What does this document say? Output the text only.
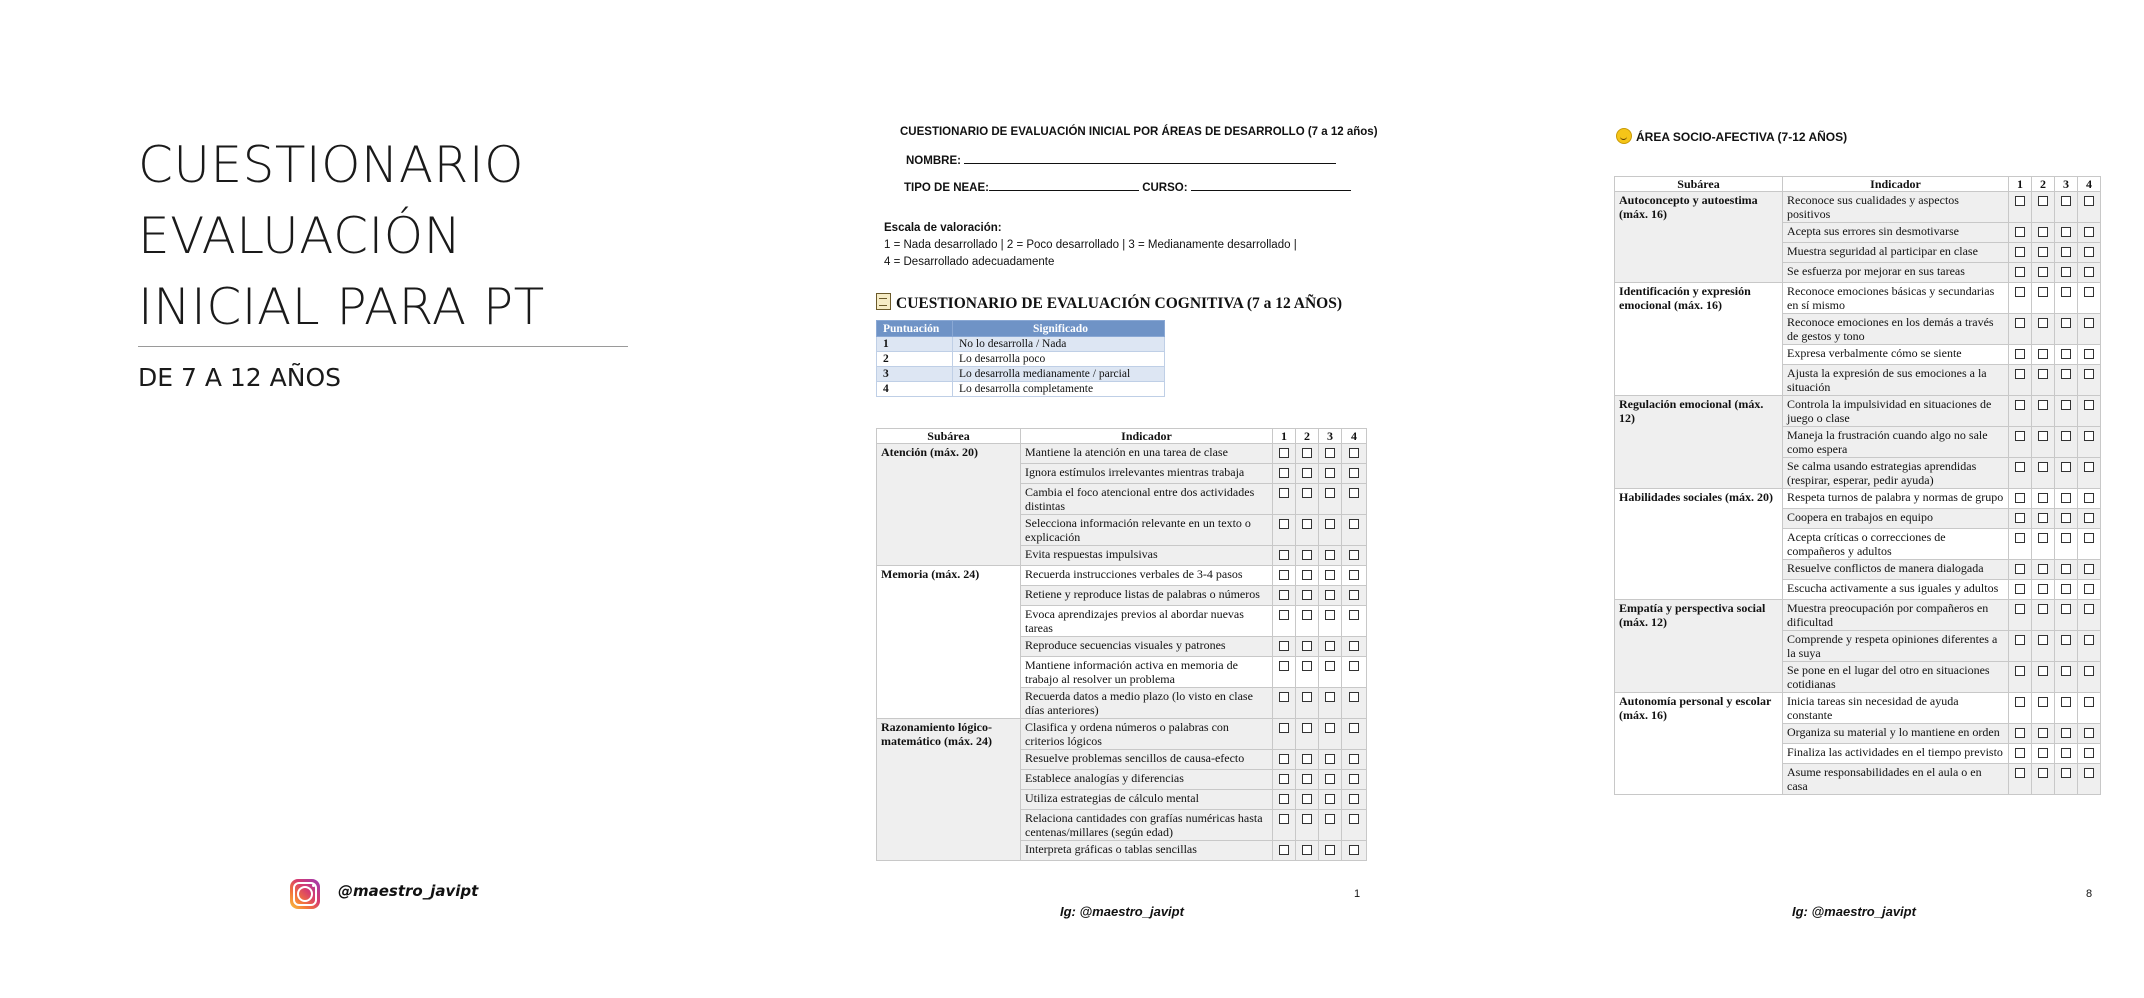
CUESTIONARIO
EVALUACIÓN
INICIAL PARA PT
DE 7 A 12 AÑOS
@maestro_javipt
CUESTIONARIO DE EVALUACIÓN INICIAL POR ÁREAS DE DESARROLLO (7 a 12 años)
NOMBRE:
TIPO DE NEAE:	CURSO:
Escala de valoración:
1 = Nada desarrollado | 2 = Poco desarrollado | 3 = Medianamente desarrollado |
4 = Desarrollado adecuadamente
CUESTIONARIO DE EVALUACIÓN COGNITIVA (7 a 12 AÑOS)
Puntuación	Significado
1	No lo desarrolla / Nada
2	Lo desarrolla poco
3	Lo desarrolla medianamente / parcial
4	Lo desarrolla completamente
Subárea	Indicador	1	2	3	4
Atención (máx. 20)	Mantiene la atención en una tarea de clase				
	Ignora estímulos irrelevantes mientras trabaja				
	Cambia el foco atencional entre dos actividades distintas				
	Selecciona información relevante en un texto o explicación				
	Evita respuestas impulsivas				
Memoria (máx. 24)	Recuerda instrucciones verbales de 3-4 pasos				
	Retiene y reproduce listas de palabras o números				
	Evoca aprendizajes previos al abordar nuevas tareas				
	Reproduce secuencias visuales y patrones				
	Mantiene información activa en memoria de trabajo al resolver un problema				
	Recuerda datos a medio plazo (lo visto en clase días anteriores)				
Razonamiento lógico-matemático (máx. 24)	Clasifica y ordena números o palabras con criterios lógicos				
	Resuelve problemas sencillos de causa-efecto				
	Establece analogías y diferencias				
	Utiliza estrategias de cálculo mental				
	Relaciona cantidades con grafías numéricas hasta centenas/millares (según edad)				
	Interpreta gráficas o tablas sencillas				
1
Ig: @maestro_javipt
ÁREA SOCIO-AFECTIVA (7-12 AÑOS)
Subárea	Indicador	1	2	3	4
Autoconcepto y autoestima (máx. 16)	Reconoce sus cualidades y aspectos positivos				
	Acepta sus errores sin desmotivarse				
	Muestra seguridad al participar en clase				
	Se esfuerza por mejorar en sus tareas				
Identificación y expresión emocional (máx. 16)	Reconoce emociones básicas y secundarias en sí mismo				
	Reconoce emociones en los demás a través de gestos y tono				
	Expresa verbalmente cómo se siente				
	Ajusta la expresión de sus emociones a la situación				
Regulación emocional (máx. 12)	Controla la impulsividad en situaciones de juego o clase				
	Maneja la frustración cuando algo no sale como espera				
	Se calma usando estrategias aprendidas (respirar, esperar, pedir ayuda)				
Habilidades sociales (máx. 20)	Respeta turnos de palabra y normas de grupo				
	Coopera en trabajos en equipo				
	Acepta críticas o correcciones de compañeros y adultos				
	Resuelve conflictos de manera dialogada				
	Escucha activamente a sus iguales y adultos				
Empatía y perspectiva social (máx. 12)	Muestra preocupación por compañeros en dificultad				
	Comprende y respeta opiniones diferentes a la suya				
	Se pone en el lugar del otro en situaciones cotidianas				
Autonomía personal y escolar (máx. 16)	Inicia tareas sin necesidad de ayuda constante				
	Organiza su material y lo mantiene en orden				
	Finaliza las actividades en el tiempo previsto				
	Asume responsabilidades en el aula o en casa				
8
Ig: @maestro_javipt
